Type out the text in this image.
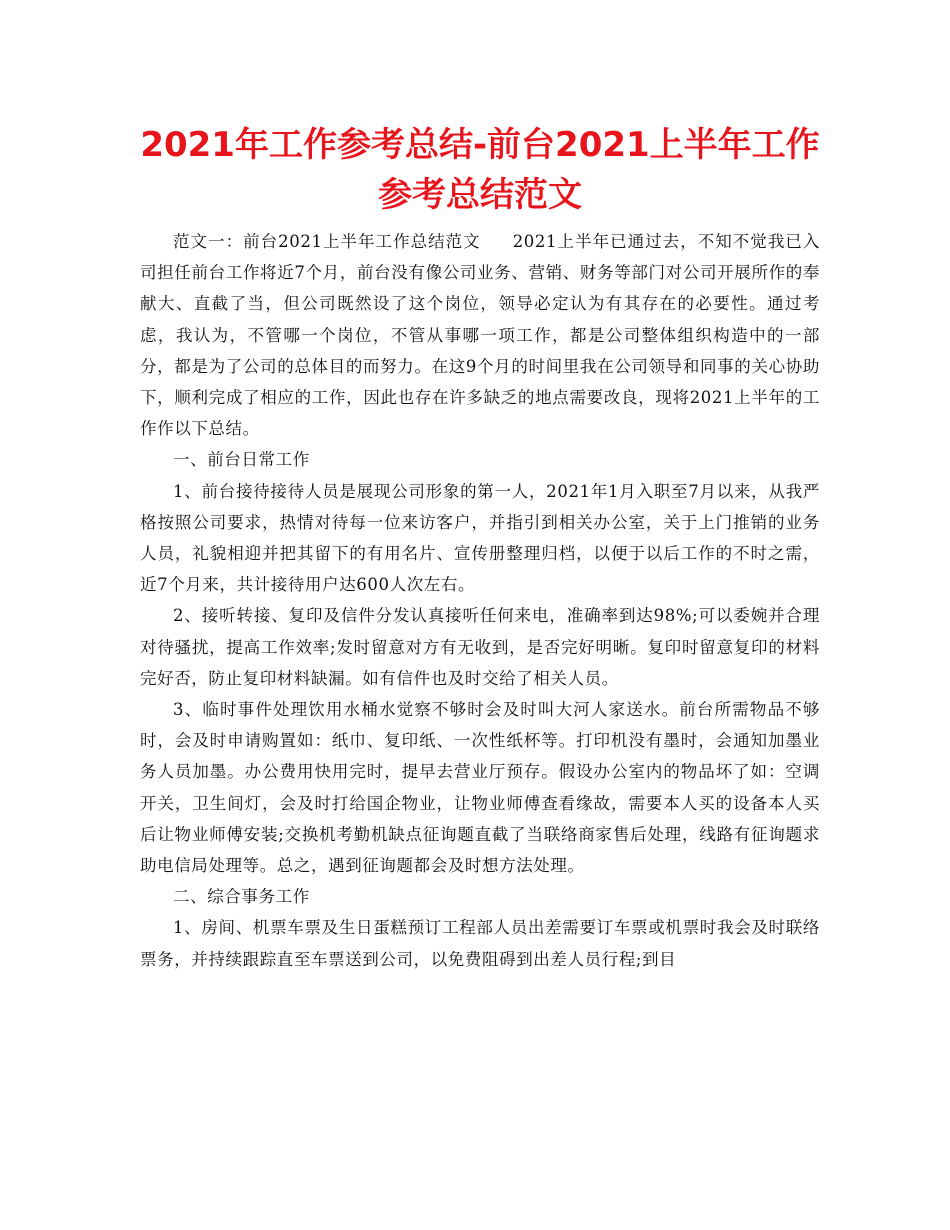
2021年工作参考总结-前台2021上半年工作参考总结范文

范文一：前台2021上半年工作总结范文 2021上半年已通过去，不知不觉我已入司担任前台工作将近7个月，前台没有像公司业务、营销、财务等部门对公司开展所作的奉献大、直截了当，但公司既然设了这个岗位，领导必定认为有其存在的必要性。通过考虑，我认为，不管哪一个岗位，不管从事哪一项工作，都是公司整体组织构造中的一部分，都是为了公司的总体目的而努力。在这9个月的时间里我在公司领导和同事的关心协助下，顺利完成了相应的工作，因此也存在许多缺乏的地点需要改良，现将2021上半年的工作作以下总结。

一、前台日常工作

1、前台接待接待人员是展现公司形象的第一人，2021年1月入职至7月以来，从我严格按照公司要求，热情对待每一位来访客户，并指引到相关办公室，关于上门推销的业务人员，礼貌相迎并把其留下的有用名片、宣传册整理归档，以便于以后工作的不时之需，近7个月来，共计接待用户达600人次左右。

2、接听转接、复印及信件分发认真接听任何来电，准确率到达98%;可以委婉并合理对待骚扰，提高工作效率;发时留意对方有无收到，是否完好明晰。复印时留意复印的材料完好否，防止复印材料缺漏。如有信件也及时交给了相关人员。

3、临时事件处理饮用水桶水觉察不够时会及时叫大河人家送水。前台所需物品不够时，会及时申请购置如：纸巾、复印纸、一次性纸杯等。打印机没有墨时，会通知加墨业务人员加墨。办公费用快用完时，提早去营业厅预存。假设办公室内的物品坏了如：空调开关，卫生间灯，会及时打给国企物业，让物业师傅查看缘故，需要本人买的设备本人买后让物业师傅安装;交换机考勤机缺点征询题直截了当联络商家售后处理，线路有征询题求助电信局处理等。总之，遇到征询题都会及时想方法处理。

二、综合事务工作

1、房间、机票车票及生日蛋糕预订工程部人员出差需要订车票或机票时我会及时联络票务，并持续跟踪直至车票送到公司，以免费阻碍到出差人员行程;到目
